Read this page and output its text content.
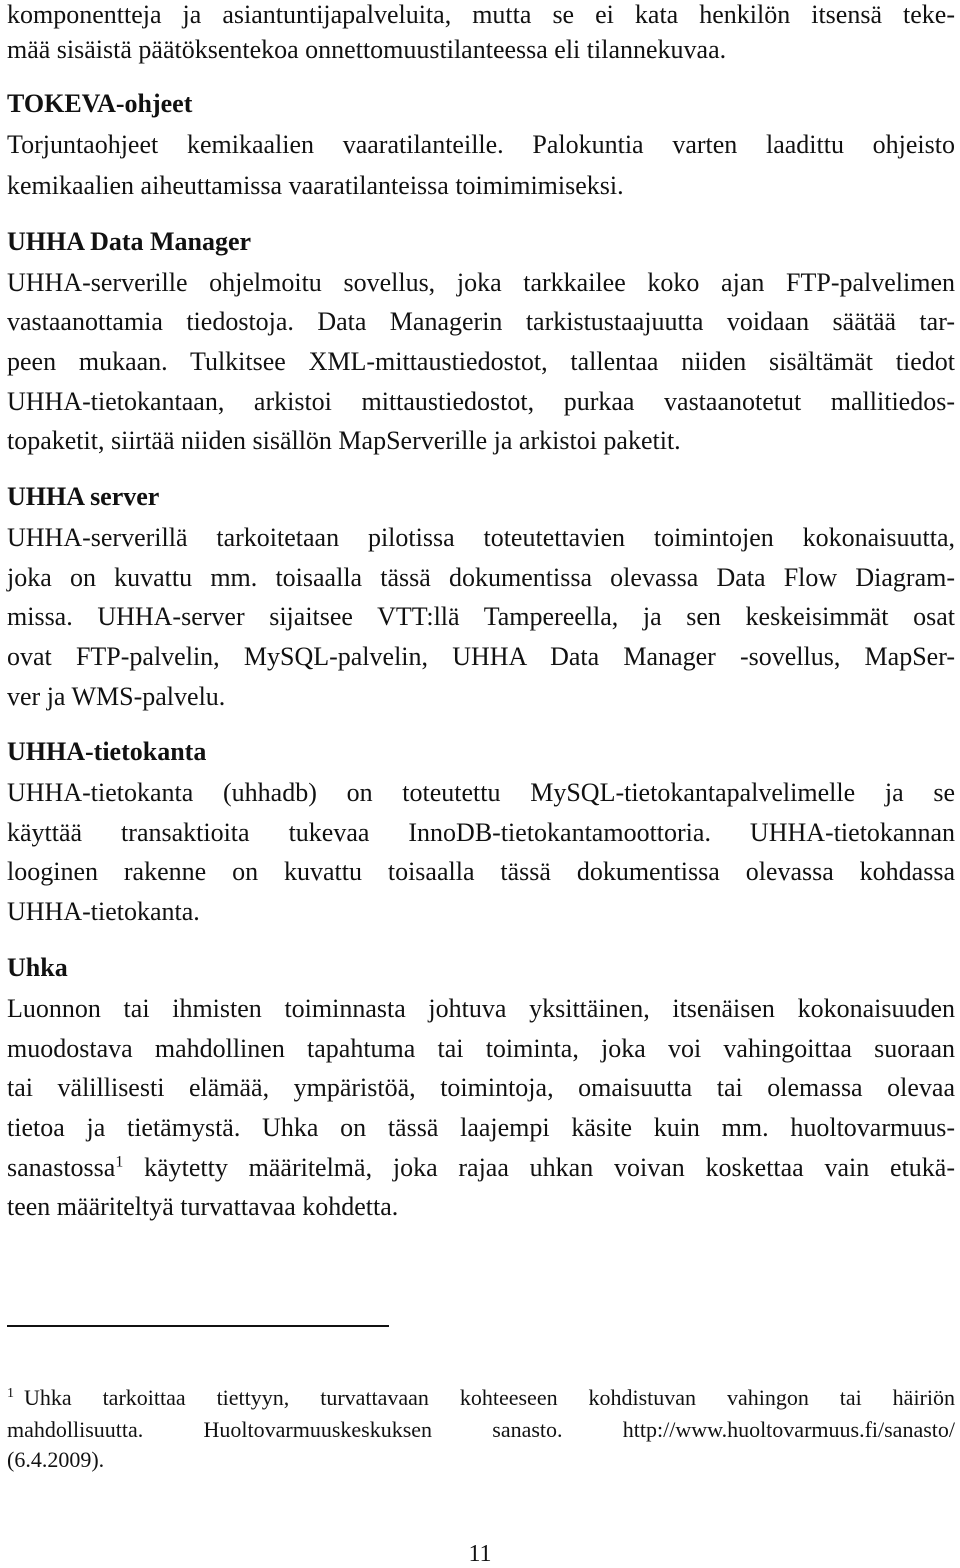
komponentteja ja asiantuntijapalveluita, mutta se ei kata henkilön itsensä teke-
mää sisäistä päätöksentekoa onnettomuustilanteessa eli tilannekuvaa.
TOKEVA-ohjeet
Torjuntaohjeet kemikaalien vaaratilanteille. Palokuntia varten laadittu ohjeisto
kemikaalien aiheuttamissa vaaratilanteissa toimimimiseksi.
UHHA Data Manager
UHHA-serverille ohjelmoitu sovellus, joka tarkkailee koko ajan FTP-palvelimen
vastaanottamia tiedostoja. Data Managerin tarkistustaajuutta voidaan säätää tar-
peen mukaan. Tulkitsee XML-mittaustiedostot, tallentaa niiden sisältämät tiedot
UHHA-tietokantaan, arkistoi mittaustiedostot, purkaa vastaanotetut mallitiedos-
topaketit, siirtää niiden sisällön MapServerille ja arkistoi paketit.
UHHA server
UHHA-serverillä tarkoitetaan pilotissa toteutettavien toimintojen kokonaisuutta,
joka on kuvattu mm. toisaalla tässä dokumentissa olevassa Data Flow Diagram-
missa. UHHA-server sijaitsee VTT:llä Tampereella, ja sen keskeisimmät osat
ovat FTP-palvelin, MySQL-palvelin, UHHA Data Manager -sovellus, MapSer-
ver ja WMS-palvelu.
UHHA-tietokanta
UHHA-tietokanta (uhhadb) on toteutettu MySQL-tietokantapalvelimelle ja se
käyttää transaktioita tukevaa InnoDB-tietokantamoottoria. UHHA-tietokannan
looginen rakenne on kuvattu toisaalla tässä dokumentissa olevassa kohdassa
UHHA-tietokanta.
Uhka
Luonnon tai ihmisten toiminnasta johtuva yksittäinen, itsenäisen kokonaisuuden
muodostava mahdollinen tapahtuma tai toiminta, joka voi vahingoittaa suoraan
tai välillisesti elämää, ympäristöä, toimintoja, omaisuutta tai olemassa olevaa
tietoa ja tietämystä. Uhka on tässä laajempi käsite kuin mm. huoltovarmuus-
sanastossa$^1$ käytetty määritelmä, joka rajaa uhkan voivan koskettaa vain etukä-
teen määriteltyä turvattavaa kohdetta.
$^1$ Uhka tarkoittaa tiettyyn, turvattavaan kohteeseen kohdistuvan vahingon tai häiriön
mahdollisuutta. Huoltovarmuuskeskuksen sanasto. http://www.huoltovarmuus.fi/sanasto/
(6.4.2009).
11
